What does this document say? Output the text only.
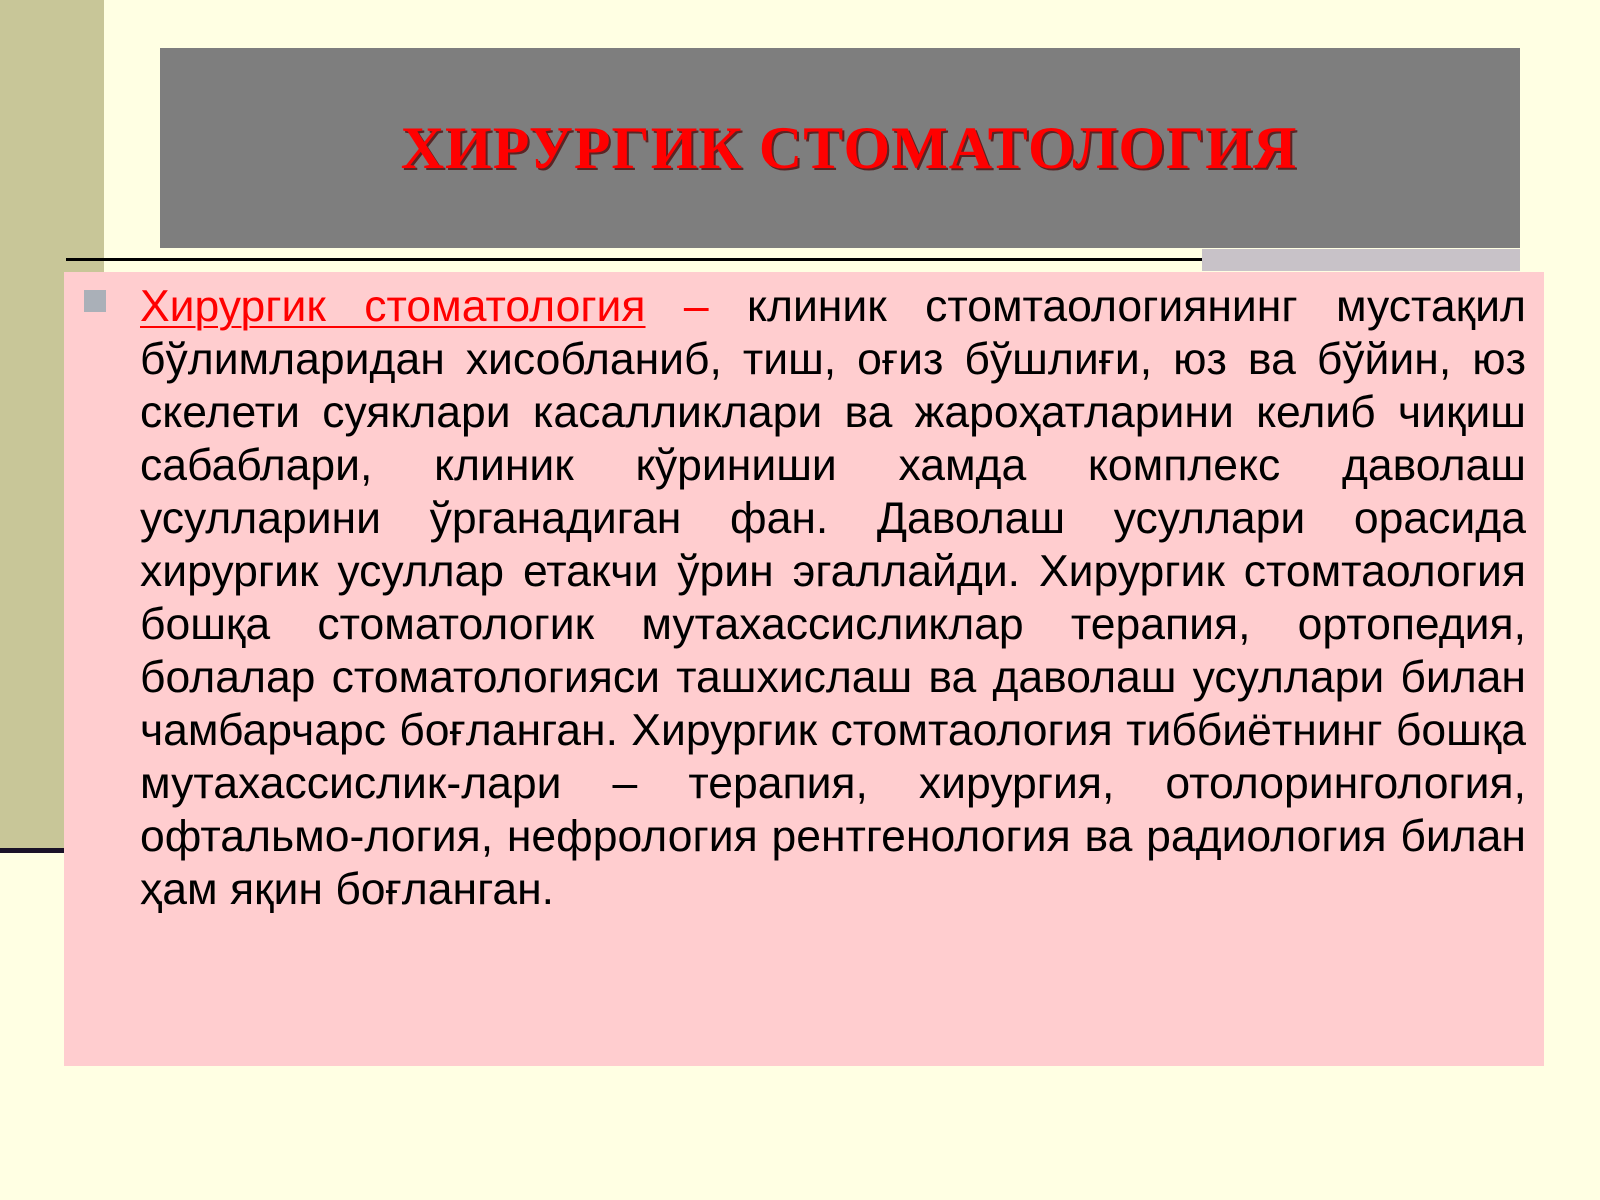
ХИРУРГИК СТОМАТОЛОГИЯ

Хирургик стоматология – клиник стомтаологиянинг мустақил бўлимларидан хисобланиб, тиш, оғиз бўшлиғи, юз ва бўйин, юз скелети суяклари касалликлари ва жароҳатларини келиб чиқиш сабаблари, клиник кўриниши хамда комплекс даволаш усулларини ўрганадиган фан. Даволаш усуллари орасида хирургик усуллар етакчи ўрин эгаллайди. Хирургик стомтаология бошқа стоматологик мутахассисликлар терапия, ортопедия, болалар стоматологияси ташхислаш ва даволаш усуллари билан чамбарчарс боғланган. Хирургик стомтаология тиббиётнинг бошқа мутахассислик-лари – терапия, хирургия, отолорингология, офтальмо-логия, нефрология рентгенология ва радиология билан ҳам яқин боғланган.
